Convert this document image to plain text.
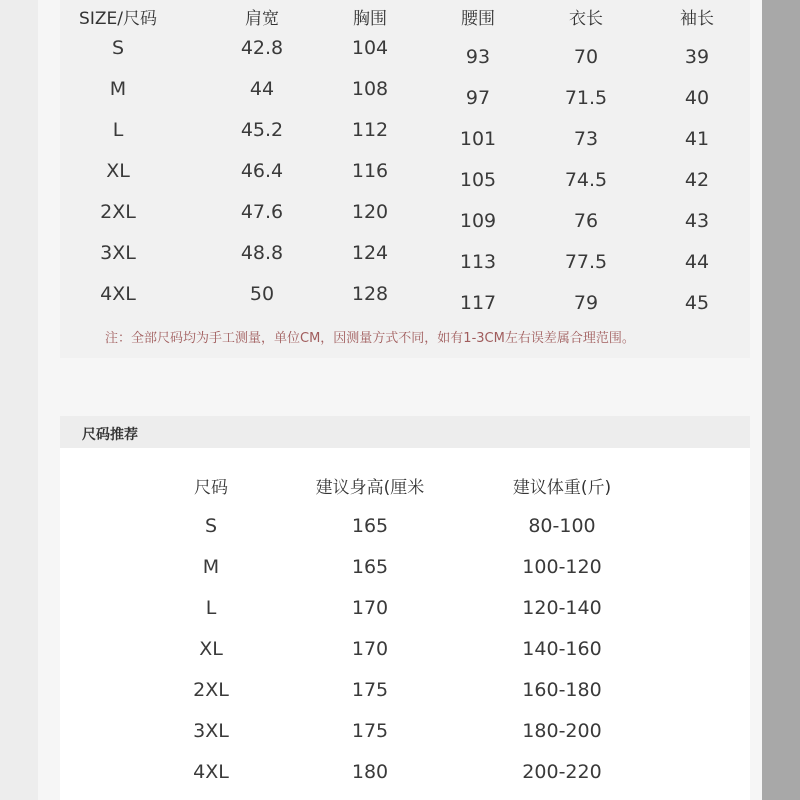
SIZE/尺码	肩宽	胸围	腰围	衣长	袖长
S	42.8	104	93	70	39
M	44	108	97	71.5	40
L	45.2	112	101	73	41
XL	46.4	116	105	74.5	42
2XL	47.6	120	109	76	43
3XL	48.8	124	113	77.5	44
4XL	50	128	117	79	45
注：全部尺码均为手工测量，单位CM，因测量方式不同，如有1-3CM左右误差属合理范围。
尺码推荐
尺码	建议身高(厘米	建议体重(斤)
S	165	80-100
M	165	100-120
L	170	120-140
XL	170	140-160
2XL	175	160-180
3XL	175	180-200
4XL	180	200-220
